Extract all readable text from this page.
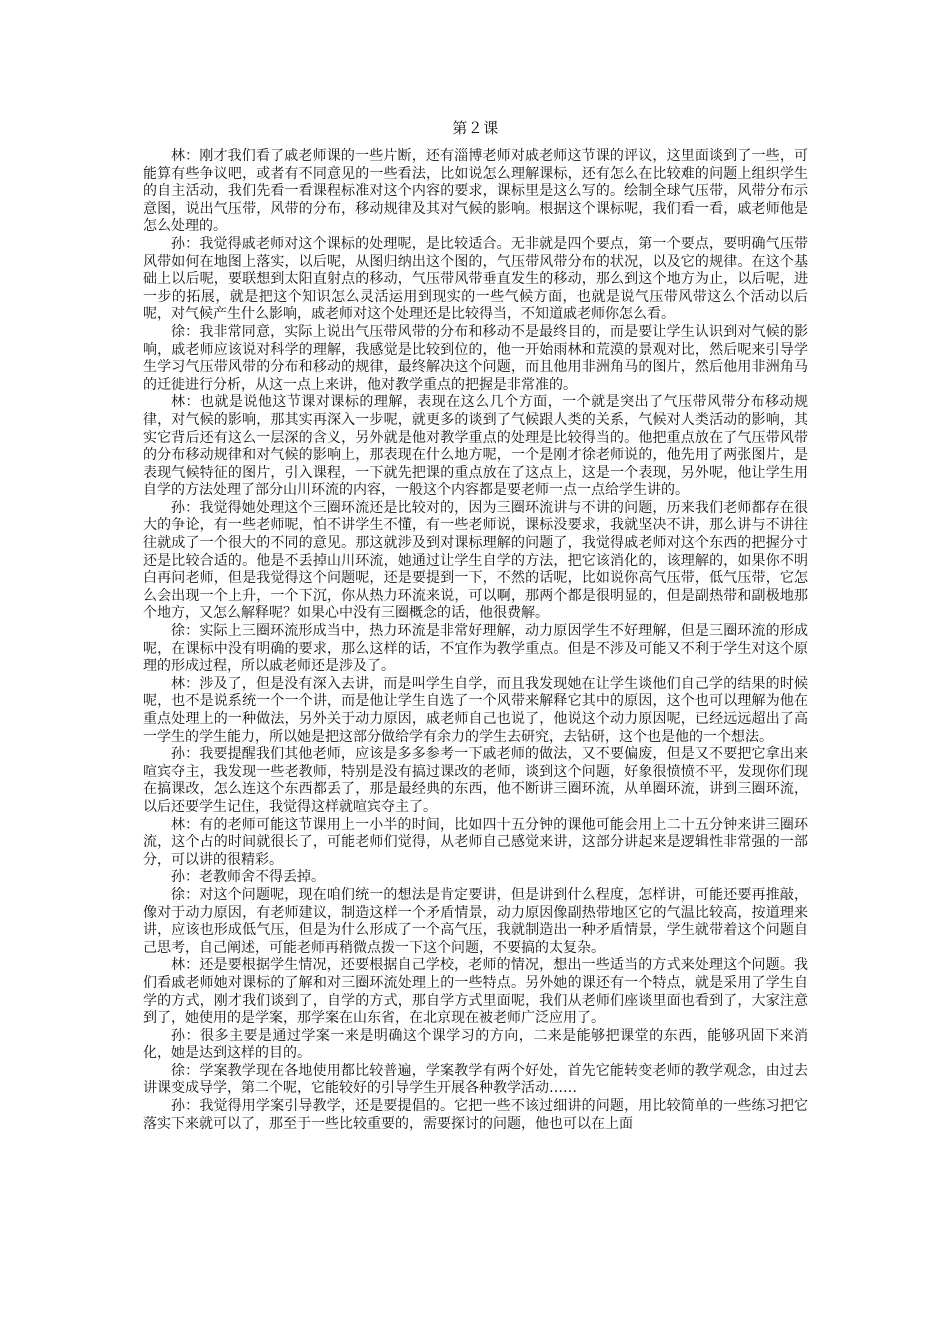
第２课

林：刚才我们看了戚老师课的一些片断，还有淄博老师对戚老师这节课的评议，这里面谈到了一些，可能算有些争议吧，或者有不同意见的一些看法，比如说怎么理解课标，还有怎么在比较难的问题上组织学生的自主活动，我们先看一看课程标准对这个内容的要求，课标里是这么写的。绘制全球气压带，风带分布示意图，说出气压带，风带的分布，移动规律及其对气候的影响。根据这个课标呢，我们看一看，戚老师他是怎么处理的。

孙：我觉得戚老师对这个课标的处理呢，是比较适合。无非就是四个要点，第一个要点，要明确气压带风带如何在地图上落实，以后呢，从图归纳出这个图的，气压带风带分布的状况，以及它的规律。在这个基础上以后呢，要联想到太阳直射点的移动，气压带风带垂直发生的移动，那么到这个地方为止，以后呢，进一步的拓展，就是把这个知识怎么灵活运用到现实的一些气候方面，也就是说气压带风带这么个活动以后呢，对气候产生什么影响，戚老师对这个处理还是比较得当，不知道戚老师你怎么看。

徐：我非常同意，实际上说出气压带风带的分布和移动不是最终目的，而是要让学生认识到对气候的影响，戚老师应该说对科学的理解，我感觉是比较到位的，他一开始雨林和荒漠的景观对比，然后呢来引导学生学习气压带风带的分布和移动的规律，最终解决这个问题，而且他用非洲角马的图片，然后他用非洲角马的迁徙进行分析，从这一点上来讲，他对教学重点的把握是非常准的。

林：也就是说他这节课对课标的理解，表现在这么几个方面，一个就是突出了气压带风带分布移动规律，对气候的影响，那其实再深入一步呢，就更多的谈到了气候跟人类的关系，气候对人类活动的影响，其实它背后还有这么一层深的含义，另外就是他对教学重点的处理是比较得当的。他把重点放在了气压带风带的分布移动规律和对气候的影响上，那表现在什么地方呢，一个是刚才徐老师说的，他先用了两张图片，是表现气候特征的图片，引入课程，一下就先把课的重点放在了这点上，这是一个表现，另外呢，他让学生用自学的方法处理了部分山川环流的内容，一般这个内容都是要老师一点一点给学生讲的。

孙：我觉得她处理这个三圈环流还是比较对的，因为三圈环流讲与不讲的问题，历来我们老师都存在很大的争论，有一些老师呢，怕不讲学生不懂，有一些老师说，课标没要求，我就坚决不讲，那么讲与不讲往往就成了一个很大的不同的意见。那这就涉及到对课标理解的问题了，我觉得戚老师对这个东西的把握分寸还是比较合适的。他是不丢掉山川环流，她通过让学生自学的方法，把它该消化的，该理解的，如果你不明白再问老师，但是我觉得这个问题呢，还是要提到一下，不然的话呢，比如说你高气压带，低气压带，它怎么会出现一个上升，一个下沉，你从热力环流来说，可以啊，那两个都是很明显的，但是副热带和副极地那个地方，又怎么解释呢？如果心中没有三圈概念的话，他很费解。

徐：实际上三圈环流形成当中，热力环流是非常好理解，动力原因学生不好理解，但是三圈环流的形成呢，在课标中没有明确的要求，那么这样的话，不宜作为教学重点。但是不涉及可能又不利于学生对这个原理的形成过程，所以戚老师还是涉及了。

林：涉及了，但是没有深入去讲，而是叫学生自学，而且我发现她在让学生谈他们自己学的结果的时候呢，也不是说系统一个一个讲，而是他让学生自选了一个风带来解释它其中的原因，这个也可以理解为他在重点处理上的一种做法，另外关于动力原因，戚老师自己也说了，他说这个动力原因呢，已经远远超出了高一学生的学生能力，所以她是把这部分做给学有余力的学生去研究，去钻研，这个也是他的一个想法。

孙：我要提醒我们其他老师，应该是多多参考一下戚老师的做法，又不要偏废，但是又不要把它拿出来喧宾夺主，我发现一些老教师，特别是没有搞过课改的老师，谈到这个问题，好象很愤愤不平，发现你们现在搞课改，怎么连这个东西都丢了，那是最经典的东西，他不断讲三圈环流，从单圈环流，讲到三圈环流，以后还要学生记住，我觉得这样就喧宾夺主了。

林：有的老师可能这节课用上一小半的时间，比如四十五分钟的课他可能会用上二十五分钟来讲三圈环流，这个占的时间就很长了，可能老师们觉得，从老师自己感觉来讲，这部分讲起来是逻辑性非常强的一部分，可以讲的很精彩。

孙：老教师舍不得丢掉。

徐：对这个问题呢，现在咱们统一的想法是肯定要讲，但是讲到什么程度，怎样讲，可能还要再推敲，像对于动力原因，有老师建议，制造这样一个矛盾情景，动力原因像副热带地区它的气温比较高，按道理来讲，应该也形成低气压，但是为什么形成了一个高气压，我就制造出一种矛盾情景，学生就带着这个问题自己思考，自己阐述，可能老师再稍微点拨一下这个问题，不要搞的太复杂。

林：还是要根据学生情况，还要根据自己学校，老师的情况，想出一些适当的方式来处理这个问题。我们看戚老师她对课标的了解和对三圈环流处理上的一些特点。另外她的课还有一个特点，就是采用了学生自学的方式，刚才我们谈到了，自学的方式，那自学方式里面呢，我们从老师们座谈里面也看到了，大家注意到了，她使用的是学案，那学案在山东省，在北京现在被老师广泛应用了。

孙：很多主要是通过学案一来是明确这个课学习的方向，二来是能够把课堂的东西，能够巩固下来消化，她是达到这样的目的。

徐：学案教学现在各地使用都比较普遍，学案教学有两个好处，首先它能转变老师的教学观念，由过去讲课变成导学，第二个呢，它能较好的引导学生开展各种教学活动……

孙：我觉得用学案引导教学，还是要提倡的。它把一些不该过细讲的问题，用比较简单的一些练习把它落实下来就可以了，那至于一些比较重要的，需要探讨的问题，他也可以在上面
